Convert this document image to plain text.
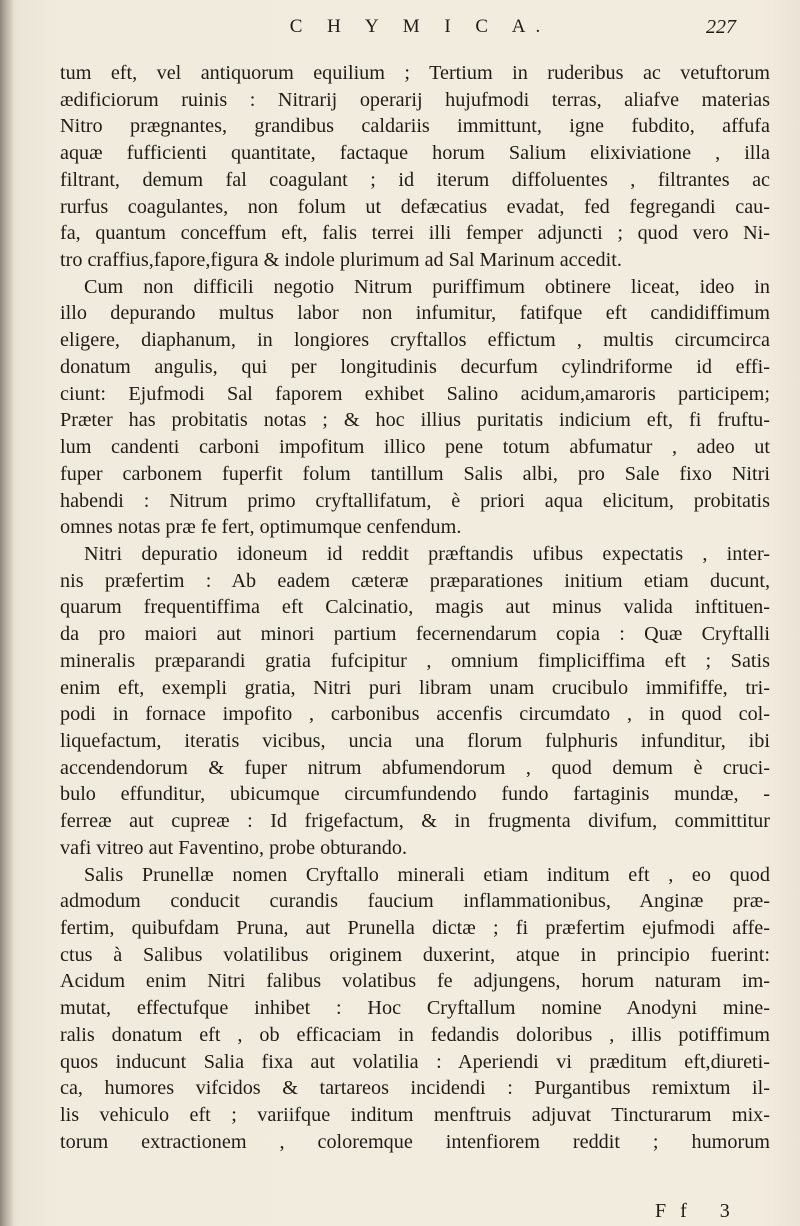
C H Y M I C A.	227
tum eft, vel antiquorum equilium ; Tertium in ruderibus ac vetuftorum
ædificiorum ruinis : Nitrarij operarij hujufmodi terras, aliafve materias
Nitro prægnantes, grandibus caldariis immittunt, igne fubdito, affufa
aquæ fufficienti quantitate, factaque horum Salium elixiviatione , illa
filtrant, demum fal coagulant ; id iterum diffoluentes , filtrantes ac
rurfus coagulantes, non folum ut defæcatius evadat, fed fegregandi cau-
fa, quantum conceffum eft, falis terrei illi femper adjuncti ; quod vero Ni-
tro craffius,fapore,figura & indole plurimum ad Sal Marinum accedit.
Cum non difficili negotio Nitrum puriffimum obtinere liceat, ideo in
illo depurando multus labor non infumitur, fatifque eft candidiffimum
eligere, diaphanum, in longiores cryftallos effictum , multis circumcirca
donatum angulis, qui per longitudinis decurfum cylindriforme id effi-
ciunt: Ejufmodi Sal faporem exhibet Salino acidum,amaroris participem;
Præter has probitatis notas ; & hoc illius puritatis indicium eft, fi fruftu-
lum candenti carboni impofitum illico pene totum abfumatur , adeo ut
fuper carbonem fuperfit folum tantillum Salis albi, pro Sale fixo Nitri
habendi : Nitrum primo cryftallifatum, è priori aqua elicitum, probitatis
omnes notas præ fe fert, optimumque cenfendum.
Nitri depuratio idoneum id reddit præftandis ufibus expectatis , inter-
nis præfertim : Ab eadem cæteræ præparationes initium etiam ducunt,
quarum frequentiffima eft Calcinatio, magis aut minus valida inftituen-
da pro maiori aut minori partium fecernendarum copia : Quæ Cryftalli
mineralis præparandi gratia fufcipitur , omnium fimpliciffima eft ; Satis
enim eft, exempli gratia, Nitri puri libram unam crucibulo immififfe, tri-
podi in fornace impofito , carbonibus accenfis circumdato , in quod col-
liquefactum, iteratis vicibus, uncia una florum fulphuris infunditur, ibi
accendendorum & fuper nitrum abfumendorum , quod demum è cruci-
bulo effunditur, ubicumque circumfundendo fundo fartaginis mundæ, -
ferreæ aut cupreæ : Id frigefactum, & in frugmenta divifum, committitur
vafi vitreo aut Faventino, probe obturando.
Salis Prunellæ nomen Cryftallo minerali etiam inditum eft , eo quod
admodum conducit curandis faucium inflammationibus, Anginæ præ-
fertim, quibufdam Pruna, aut Prunella dictæ ; fi præfertim ejufmodi affe-
ctus à Salibus volatilibus originem duxerint, atque in principio fuerint:
Acidum enim Nitri falibus volatibus fe adjungens, horum naturam im-
mutat, effectufque inhibet : Hoc Cryftallum nomine Anodyni mine-
ralis donatum eft , ob efficaciam in fedandis doloribus , illis potiffimum
quos inducunt Salia fixa aut volatilia : Aperiendi vi præditum eft,diureti-
ca, humores vifcidos & tartareos incidendi : Purgantibus remixtum il-
lis vehiculo eft ; variifque inditum menftruis adjuvat Tincturarum mix-
torum extractionem , coloremque intenfiorem reddit ; humorum
Ff 3
